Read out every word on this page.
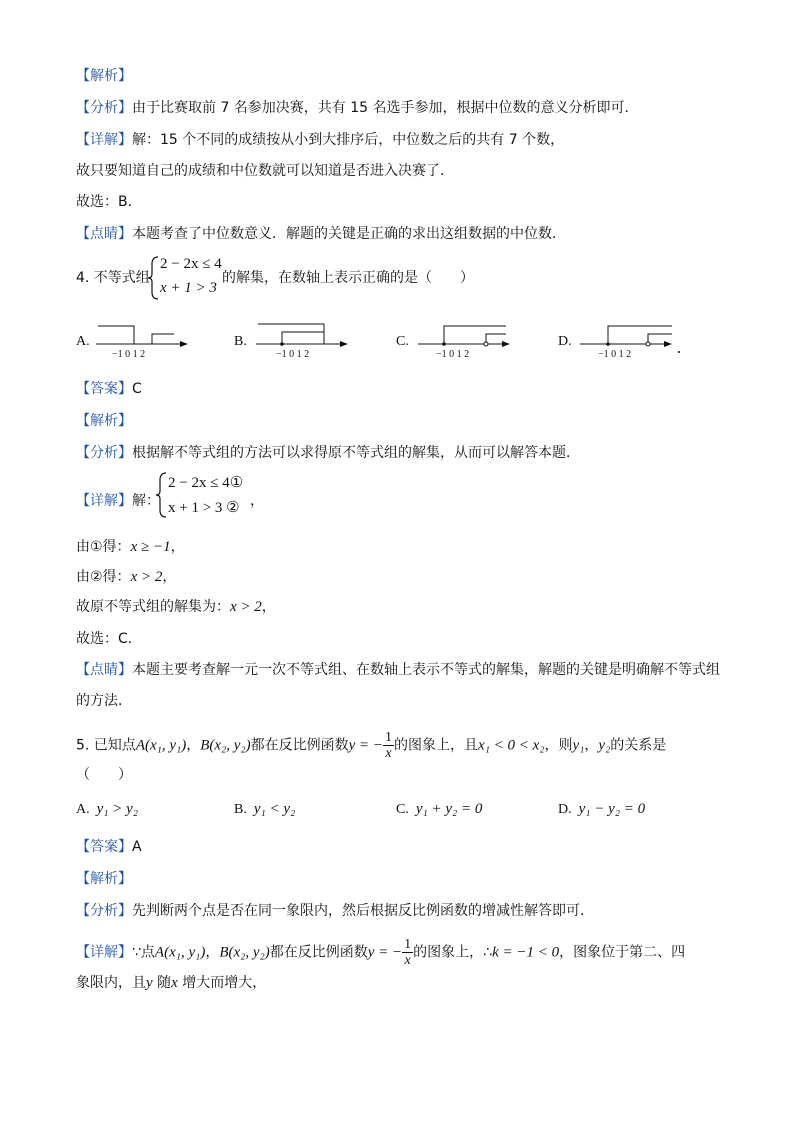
【解析】
【分析】由于比赛取前 7 名参加决赛，共有 15 名选手参加，根据中位数的意义分析即可．
【详解】解：15 个不同的成绩按从小到大排序后，中位数之后的共有 7 个数，
故只要知道自己的成绩和中位数就可以知道是否进入决赛了．
故选：B．
【点睛】本题考查了中位数意义．解题的关键是正确的求出这组数据的中位数．
4. 不等式组
2 − 2x ≤ 4
x + 1 > 3
的解集，在数轴上表示正确的是（　　）
A.
−1 0 1 2
B.
−1 0 1 2
C.
−1 0 1 2
D.
−1 0 1 2
【答案】C
【解析】
【分析】根据解不等式组的方法可以求得原不等式组的解集，从而可以解答本题．
【详解】解：
2 − 2x ≤ 4①
x + 1 > 3 ② ，
由①得：x ≥ −1，
由②得：x > 2，
故原不等式组的解集为：x > 2，
故选：C．
【点睛】本题主要考查解一元一次不等式组、在数轴上表示不等式的解集，解题的关键是明确解不等式组
的方法．
5. 已知点A(x₁, y₁)，B(x₂, y₂)都在反比例函数y = − $\frac{1}{x}$ 的图象上，且x₁ < 0 < x₂，则y₁，y₂的关系是
（　　）
A. y₁ > y₂	B. y₁ < y₂	C. y₁ + y₂ = 0	D. y₁ − y₂ = 0
【答案】A
【解析】
【分析】先判断两个点是否在同一象限内，然后根据反比例函数的增减性解答即可．
【详解】∵点A(x₁, y₁)，B(x₂, y₂)都在反比例函数y = − $\frac{1}{x}$ 的图象上，∴k = −1 < 0，图象位于第二、四
象限内，且y 随x 增大而增大，
